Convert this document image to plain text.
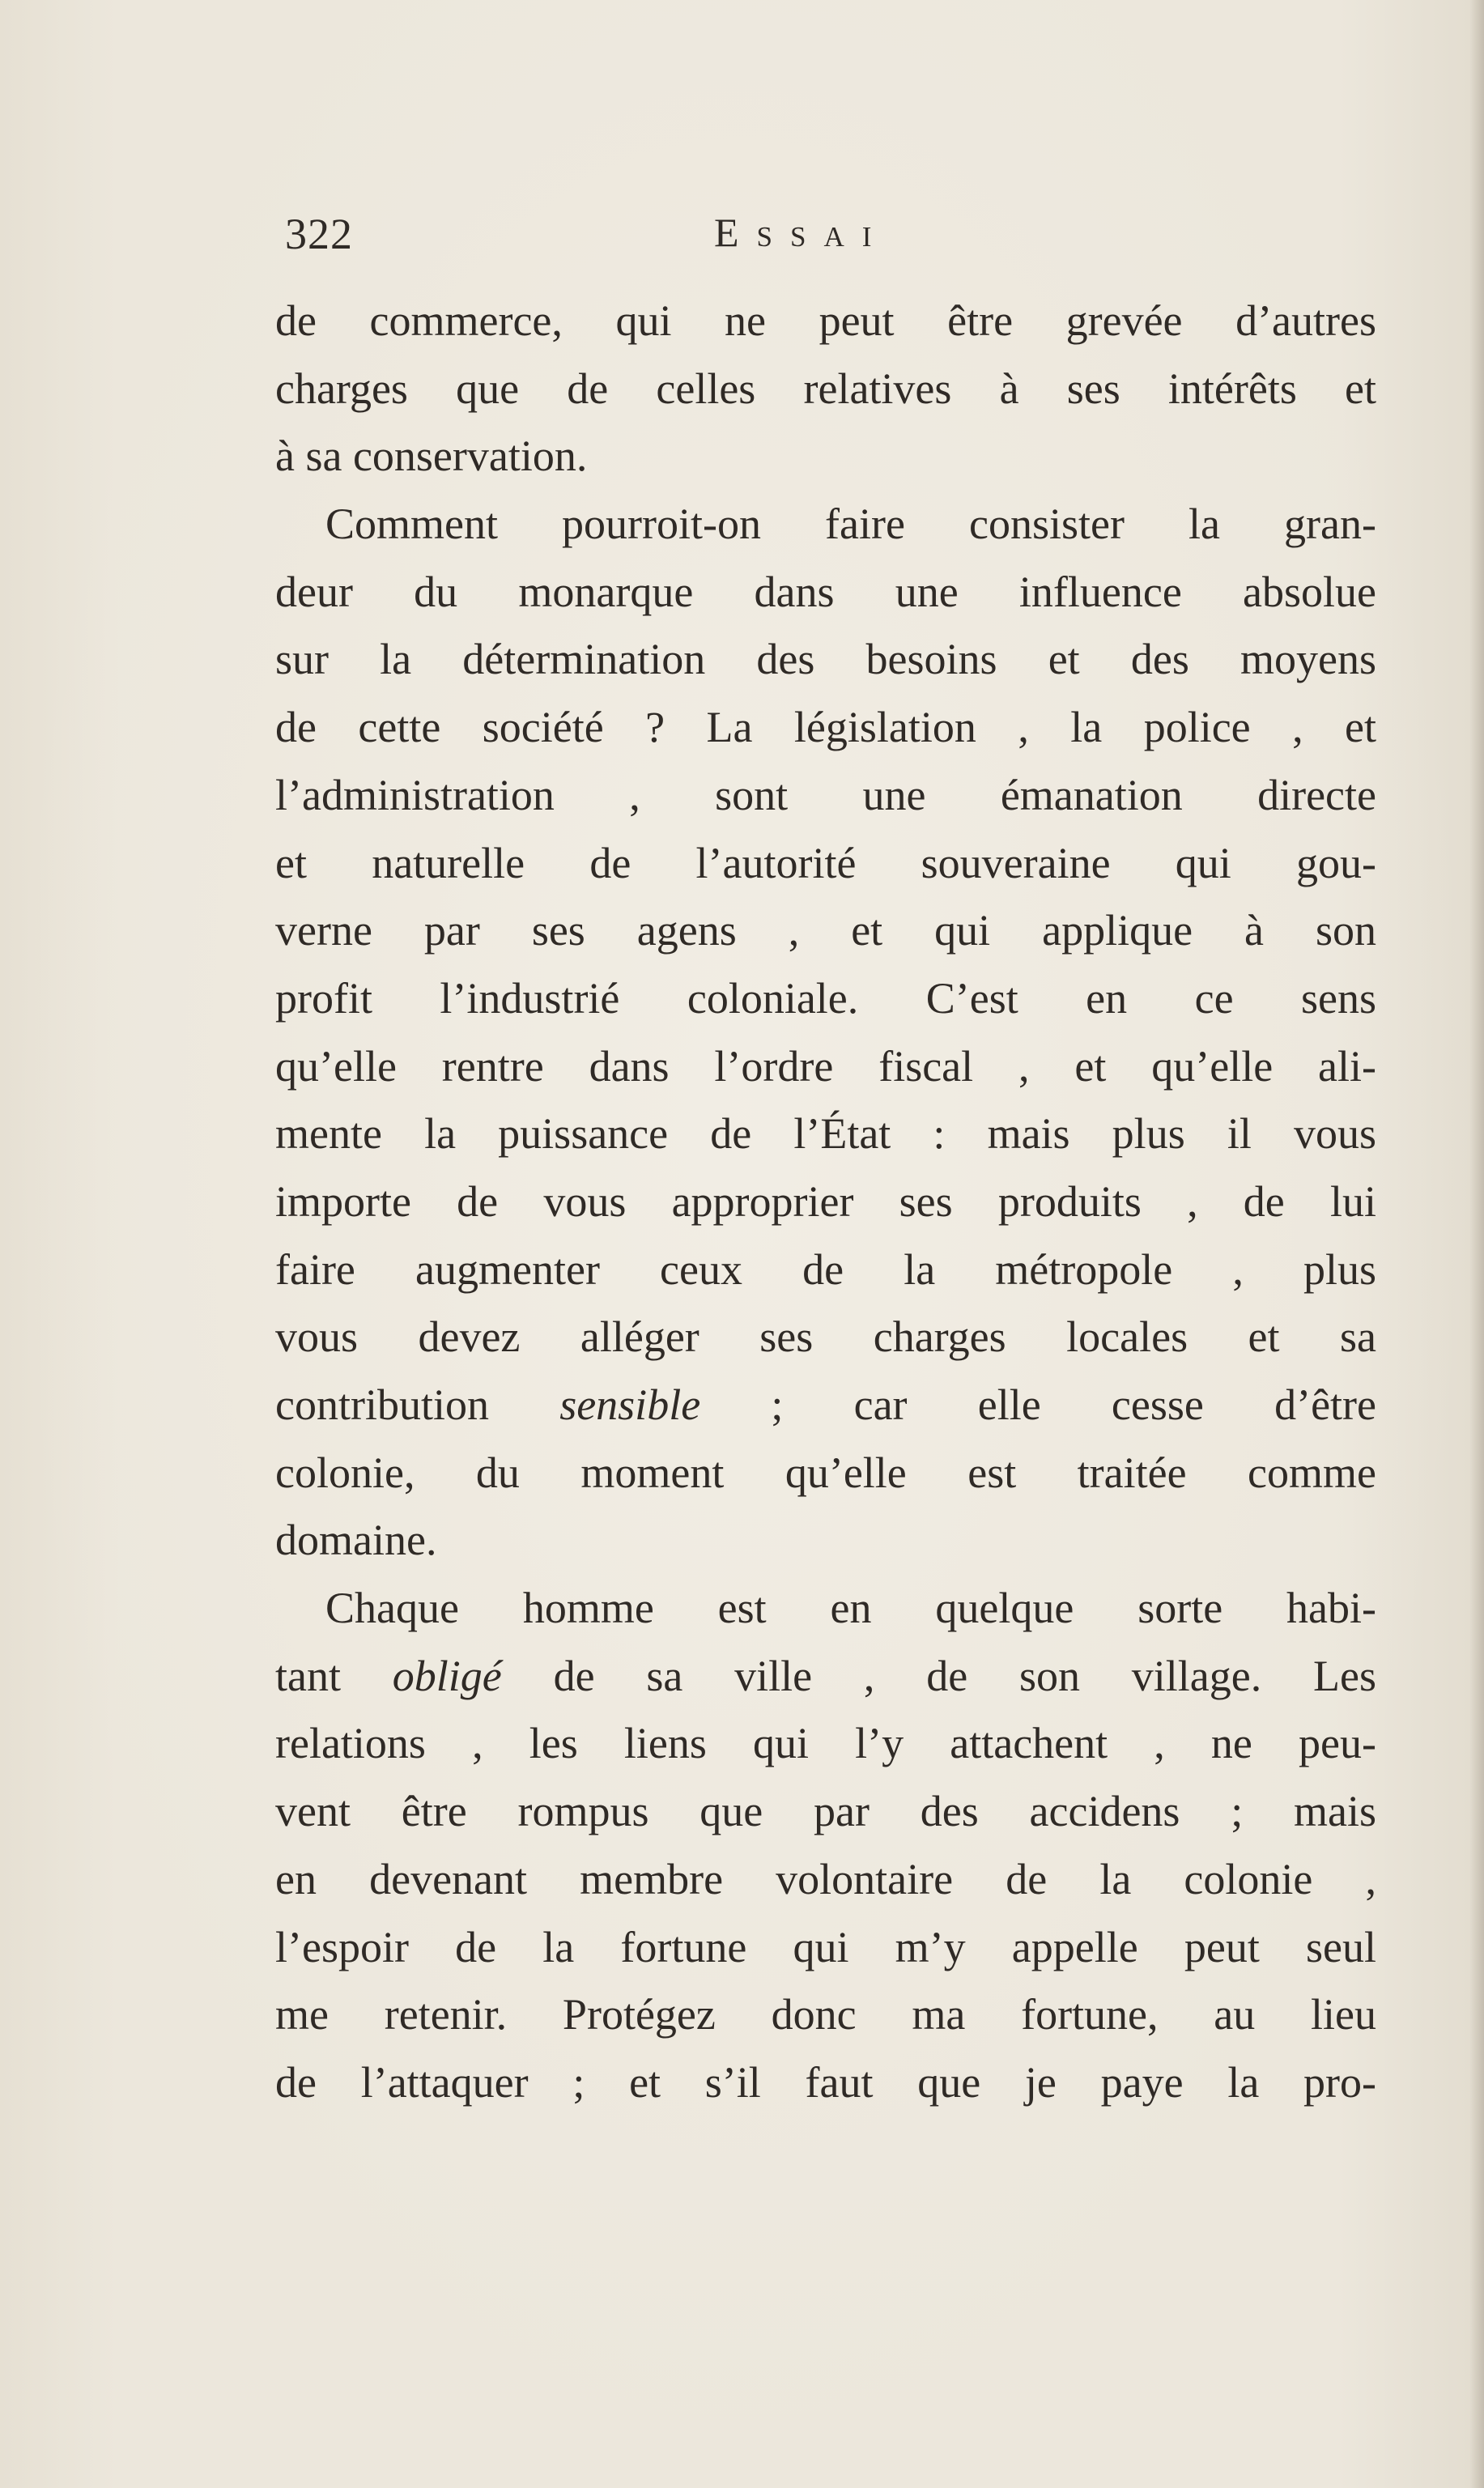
322	Essai
de commerce, qui ne peut être grevée d’autres
charges que de celles relatives à ses intérêts et
à sa conservation.
Comment pourroit-on faire consister la gran-
deur du monarque dans une influence absolue
sur la détermination des besoins et des moyens
de cette société ? La législation , la police , et
l’administration , sont une émanation directe
et naturelle de l’autorité souveraine qui gou-
verne par ses agens , et qui applique à son
profit l’industrié coloniale. C’est en ce sens
qu’elle rentre dans l’ordre fiscal , et qu’elle ali-
mente la puissance de l’État : mais plus il vous
importe de vous approprier ses produits , de lui
faire augmenter ceux de la métropole , plus
vous devez alléger ses charges locales et sa
contribution sensible ; car elle cesse d’être
colonie, du moment qu’elle est traitée comme
domaine.
Chaque homme est en quelque sorte habi-
tant obligé de sa ville , de son village. Les
relations , les liens qui l’y attachent , ne peu-
vent être rompus que par des accidens ; mais
en devenant membre volontaire de la colonie ,
l’espoir de la fortune qui m’y appelle peut seul
me retenir. Protégez donc ma fortune, au lieu
de l’attaquer ; et s’il faut que je paye la pro-
